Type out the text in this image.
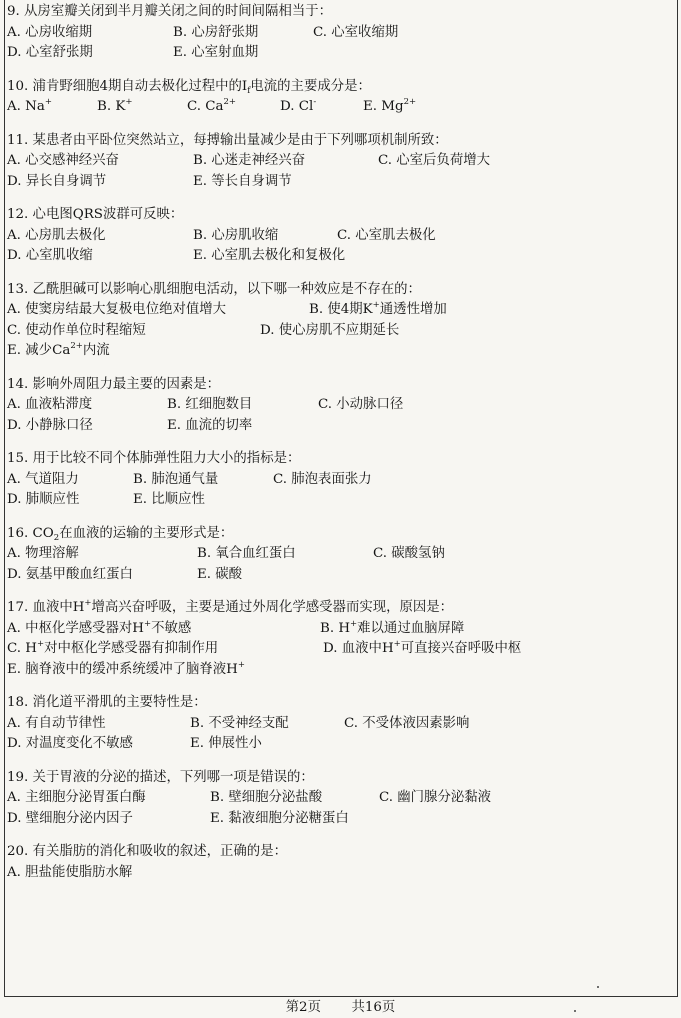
9. 从房室瓣关闭到半月瓣关闭之间的时间间隔相当于：
A. 心房收缩期	B. 心房舒张期	C. 心室收缩期
D. 心室舒张期	E. 心室射血期
10. 浦肯野细胞4期自动去极化过程中的$I_f$电流的主要成分是：
A. Na+	B. K+	C. $Ca^{2+}$	D. Cl-	E. $Mg^{2+}$
11. 某患者由平卧位突然站立，每搏输出量减少是由于下列哪项机制所致：
A. 心交感神经兴奋	B. 心迷走神经兴奋	C. 心室后负荷增大
D. 异长自身调节	E. 等长自身调节
12. 心电图QRS波群可反映：
A. 心房肌去极化	B. 心房肌收缩	C. 心室肌去极化
D. 心室肌收缩	E. 心室肌去极化和复极化
13. 乙酰胆碱可以影响心肌细胞电活动，以下哪一种效应是不存在的：
A. 使窦房结最大复极电位绝对值增大	B. 使4期K+通透性增加
C. 使动作单位时程缩短	D. 使心房肌不应期延长
E. 减少$Ca^{2+}$内流
14. 影响外周阻力最主要的因素是：
A. 血液粘滞度	B. 红细胞数目	C. 小动脉口径
D. 小静脉口径	E. 血流的切率
15. 用于比较不同个体肺弹性阻力大小的指标是：
A. 气道阻力	B. 肺泡通气量	C. 肺泡表面张力
D. 肺顺应性	E. 比顺应性
16. $CO_2$在血液的运输的主要形式是：
A. 物理溶解	B. 氧合血红蛋白	C. 碳酸氢钠
D. 氨基甲酸血红蛋白	E. 碳酸
17. 血液中H+增高兴奋呼吸，主要是通过外周化学感受器而实现，原因是：
A. 中枢化学感受器对H+不敏感	B. H+难以通过血脑屏障
C. H+对中枢化学感受器有抑制作用	D. 血液中H+可直接兴奋呼吸中枢
E. 脑脊液中的缓冲系统缓冲了脑脊液H+
18. 消化道平滑肌的主要特性是：
A. 有自动节律性	B. 不受神经支配	C. 不受体液因素影响
D. 对温度变化不敏感	E. 伸展性小
19. 关于胃液的分泌的描述，下列哪一项是错误的：
A. 主细胞分泌胃蛋白酶	B. 壁细胞分泌盐酸	C. 幽门腺分泌黏液
D. 壁细胞分泌内因子	E. 黏液细胞分泌糖蛋白
20. 有关脂肪的消化和吸收的叙述，正确的是：
A. 胆盐能使脂肪水解
第2页 共16页
